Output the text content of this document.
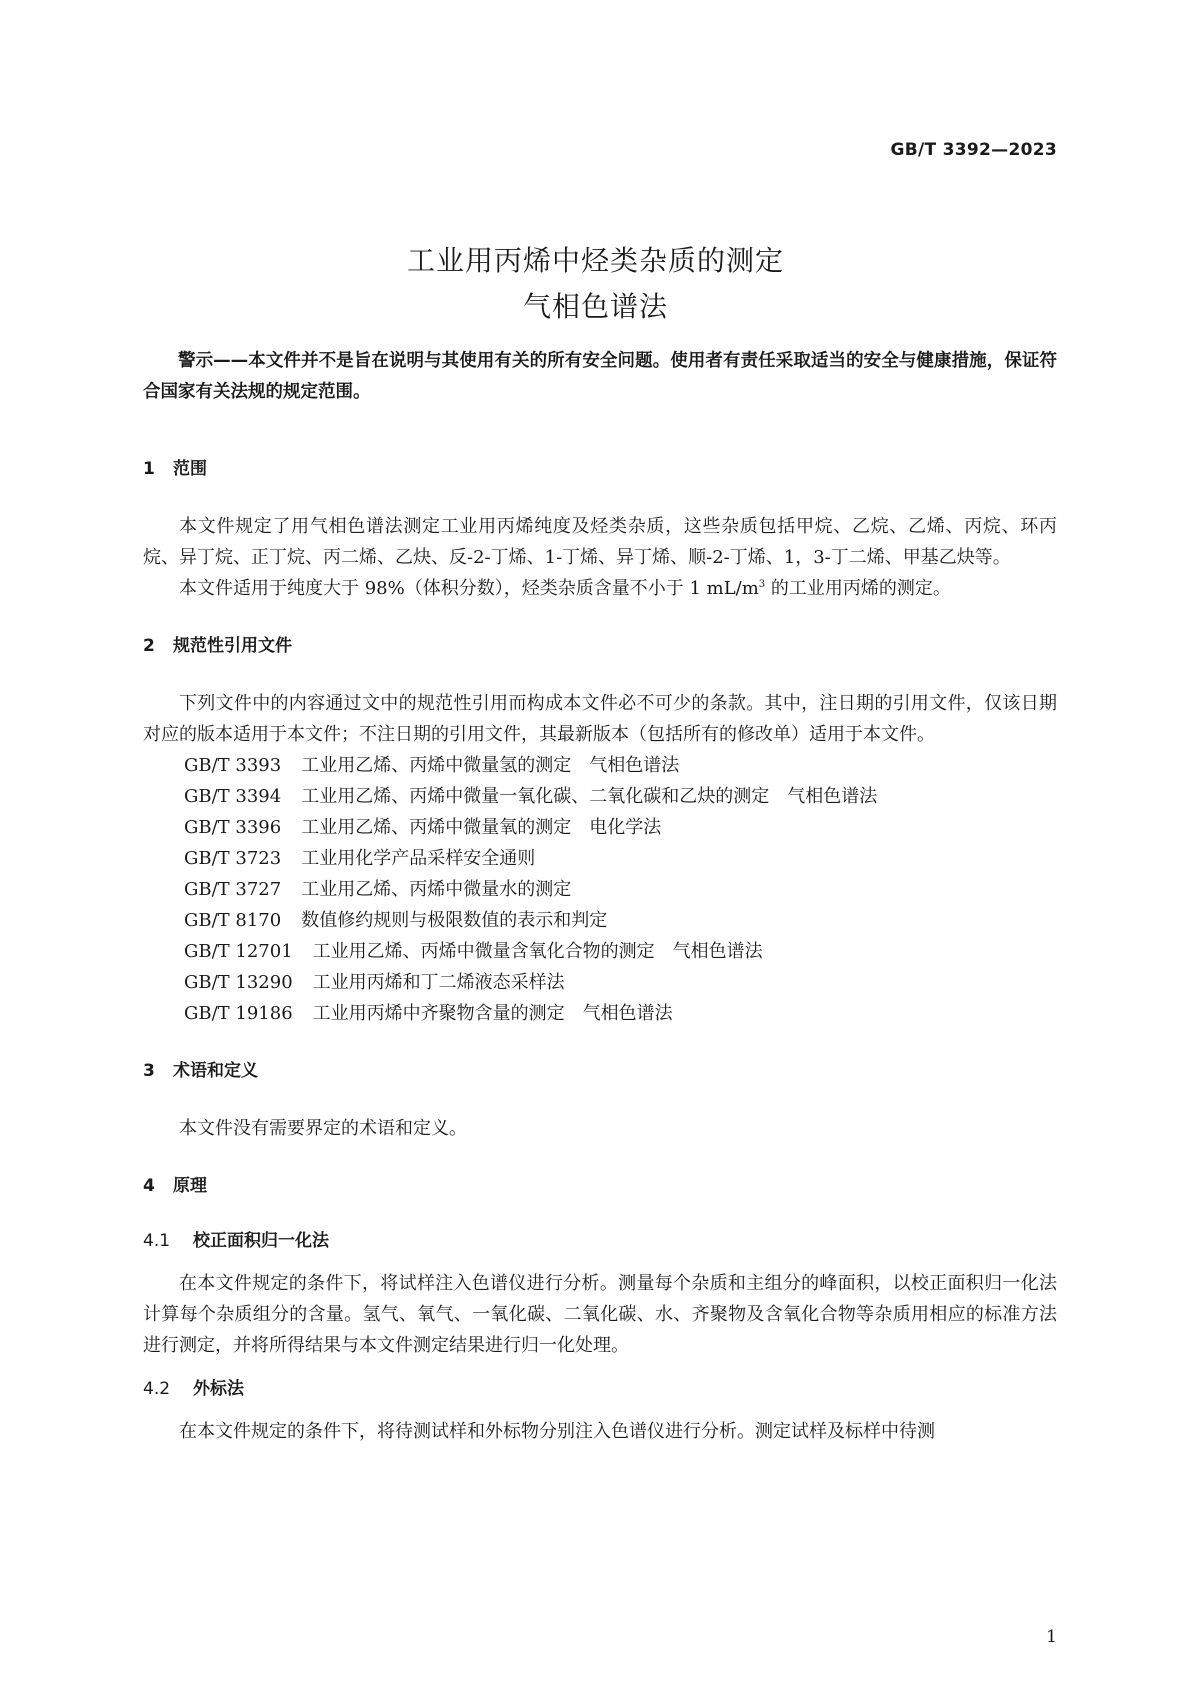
GB/T 3392—2023
工业用丙烯中烃类杂质的测定
气相色谱法

警示——本文件并不是旨在说明与其使用有关的所有安全问题。使用者有责任采取适当的安全与健康措施，保证符合国家有关法规的规定范围。

1 范围

本文件规定了用气相色谱法测定工业用丙烯纯度及烃类杂质，这些杂质包括甲烷、乙烷、乙烯、丙烷、环丙烷、异丁烷、正丁烷、丙二烯、乙炔、反-2-丁烯、1-丁烯、异丁烯、顺-2-丁烯、1，3-丁二烯、甲基乙炔等。

本文件适用于纯度大于 98%（体积分数），烃类杂质含量不小于 1 $mL/m^3$ 的工业用丙烯的测定。

2 规范性引用文件

下列文件中的内容通过文中的规范性引用而构成本文件必不可少的条款。其中，注日期的引用文件，仅该日期对应的版本适用于本文件；不注日期的引用文件，其最新版本（包括所有的修改单）适用于本文件。

GB/T 3393 工业用乙烯、丙烯中微量氢的测定　气相色谱法

GB/T 3394 工业用乙烯、丙烯中微量一氧化碳、二氧化碳和乙炔的测定　气相色谱法

GB/T 3396 工业用乙烯、丙烯中微量氧的测定　电化学法

GB/T 3723 工业用化学产品采样安全通则

GB/T 3727 工业用乙烯、丙烯中微量水的测定

GB/T 8170 数值修约规则与极限数值的表示和判定

GB/T 12701 工业用乙烯、丙烯中微量含氧化合物的测定　气相色谱法

GB/T 13290 工业用丙烯和丁二烯液态采样法

GB/T 19186 工业用丙烯中齐聚物含量的测定　气相色谱法

3 术语和定义

本文件没有需要界定的术语和定义。

4 原理
4.1 校正面积归一化法

在本文件规定的条件下，将试样注入色谱仪进行分析。测量每个杂质和主组分的峰面积，以校正面积归一化法计算每个杂质组分的含量。氢气、氧气、一氧化碳、二氧化碳、水、齐聚物及含氧化合物等杂质用相应的标准方法进行测定，并将所得结果与本文件测定结果进行归一化处理。

4.2 外标法

在本文件规定的条件下，将待测试样和外标物分别注入色谱仪进行分析。测定试样及标样中待测

1
